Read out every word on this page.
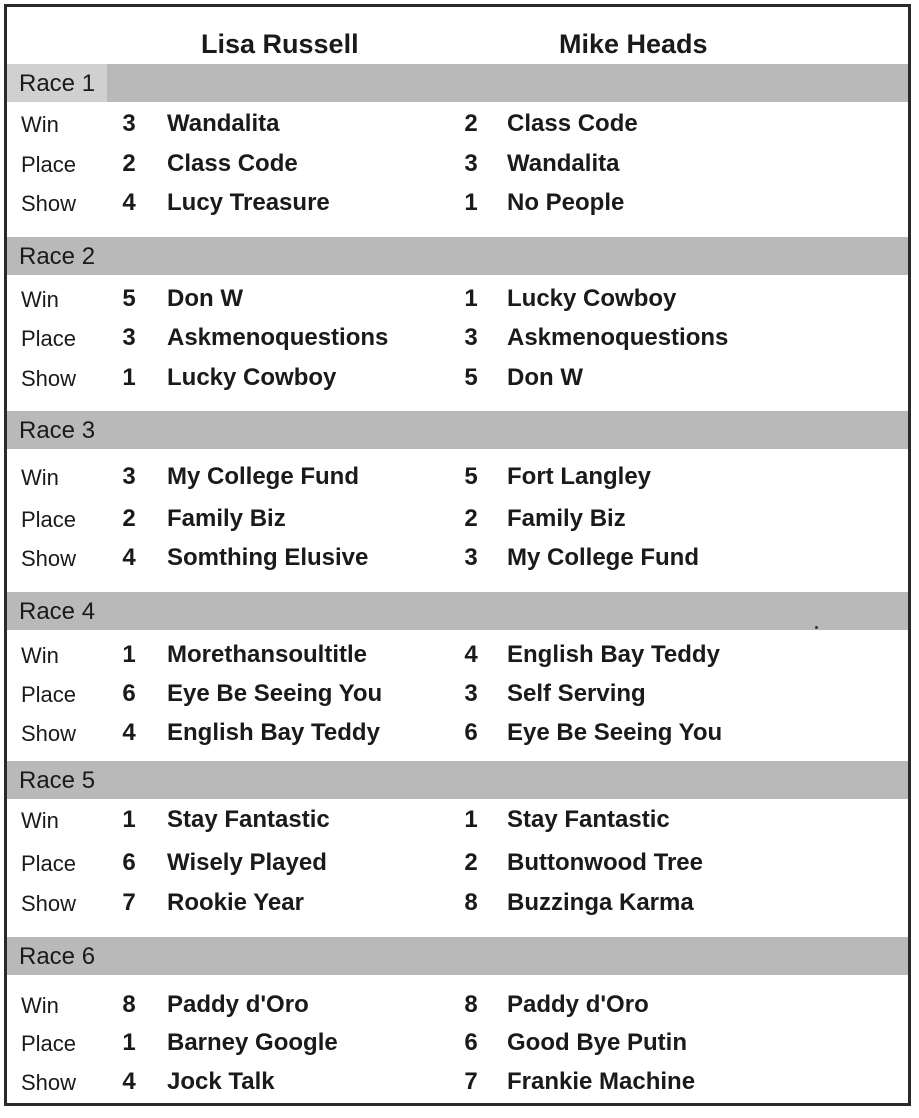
Lisa Russell	Mike Heads
Race 1
Win	3 Wandalita	2 Class Code
Place 2 Class Code	3 Wandalita
Show 4 Lucy Treasure	1 No People
Race 2
Win	5 Don W	1 Lucky Cowboy
Place 3 Askmenoquestions	3 Askmenoquestions
Show 1 Lucky Cowboy	5 Don W
Race 3
Win	3 My College Fund	5 Fort Langley
Place 2 Family Biz	2 Family Biz
Show 4 Somthing Elusive	3 My College Fund
Race 4
Win	1 Morethansoultitle	4 English Bay Teddy
Place 6 Eye Be Seeing You	3 Self Serving
Show 4 English Bay Teddy	6 Eye Be Seeing You
Race 5
Win	1 Stay Fantastic	1 Stay Fantastic
Place 6 Wisely Played	2 Buttonwood Tree
Show 7 Rookie Year	8 Buzzinga Karma
Race 6
Win	8 Paddy d'Oro	8 Paddy d'Oro
Place 1 Barney Google	6 Good Bye Putin
Show 4 Jock Talk	7 Frankie Machine
